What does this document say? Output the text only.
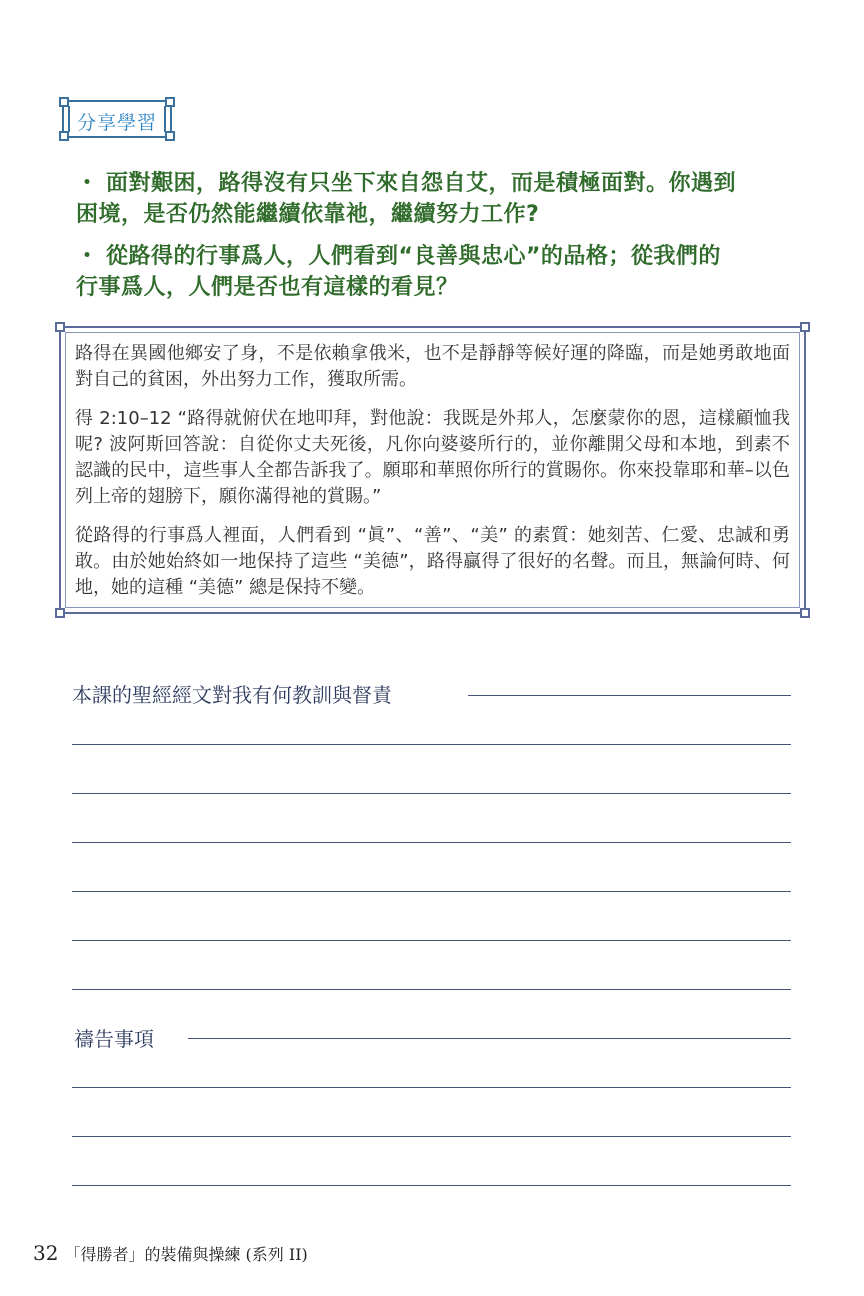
分享學習
・ 面對艱困，路得沒有只坐下來自怨自艾，而是積極面對。你遇到
困境，是否仍然能繼續依靠祂，繼續努力工作?
・ 從路得的行事爲人，人們看到“良善與忠心”的品格；從我們的
行事爲人，人們是否也有這樣的看見？

路得在異國他鄉安了身，不是依賴拿俄米，也不是靜靜等候好運的降臨，而是她勇敢地面對自己的貧困，外出努力工作，獲取所需。

得 2:10–12 “路得就俯伏在地叩拜，對他說：我既是外邦人，怎麼蒙你的恩，這樣顧恤我呢? 波阿斯回答說：自從你丈夫死後，凡你向婆婆所行的，並你離開父母和本地，到素不認識的民中，這些事人全都告訴我了。願耶和華照你所行的賞賜你。你來投靠耶和華–以色列上帝的翅膀下，願你滿得祂的賞賜。”

從路得的行事爲人裡面，人們看到 “眞”、“善”、“美” 的素質：她刻苦、仁愛、忠誠和勇敢。由於她始終如一地保持了這些 “美德”，路得贏得了很好的名聲。而且，無論何時、何地，她的這種 “美德” 總是保持不變。

本課的聖經經文對我有何教訓與督責
禱告事項
32 「得勝者」的裝備與操練 (系列 II)
